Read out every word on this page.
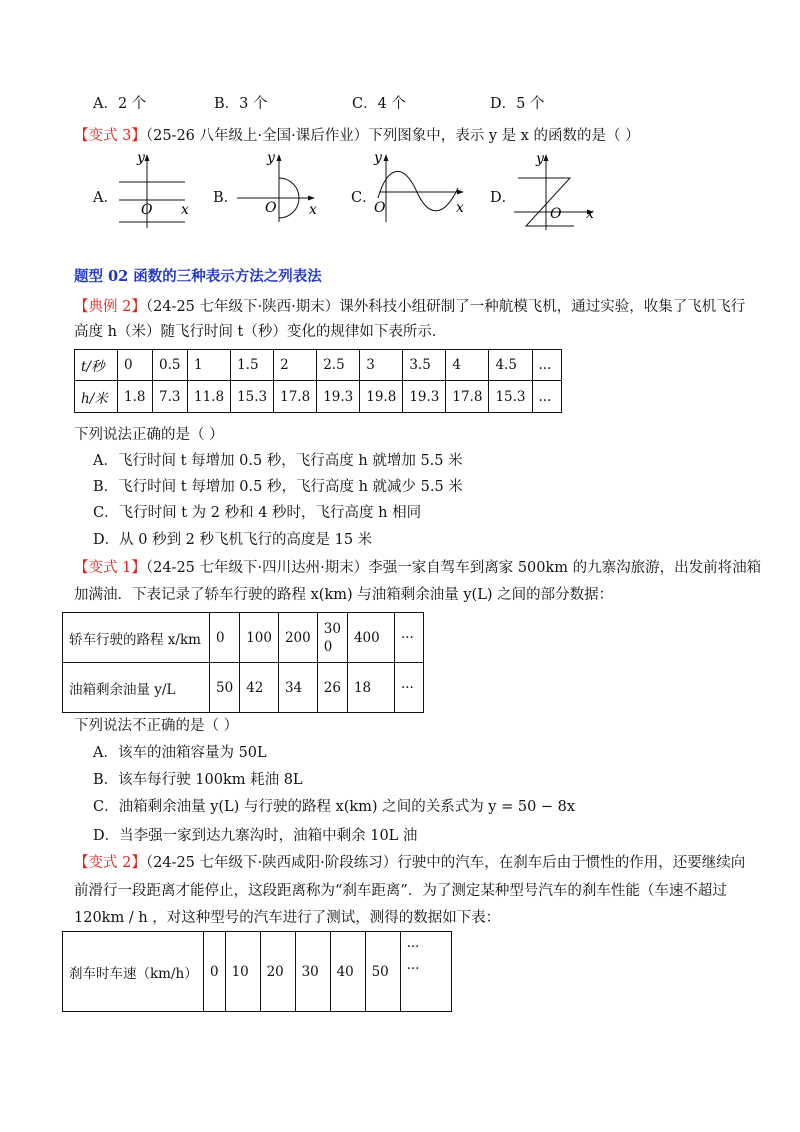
A．2 个	B．3 个	C．4 个	D．5 个
【变式 3】（25-26 八年级上·全国·课后作业）下列图象中，表示 y 是 x 的函数的是（ ）
A．
y
O x
B．
y
O x
C．
y
O	x
D．
y
O x
题型 02 函数的三种表示方法之列表法
【典例 2】（24-25 七年级下·陕西·期末）课外科技小组研制了一种航模飞机，通过实验，收集了飞机飞行
高度 h（米）随飞行时间 t（秒）变化的规律如下表所示．
t/秒	0	0.5	1	1.5	2	2.5	3	3.5	4	4.5	...
h/米	1.8	7.3	11.8	15.3	17.8	19.3	19.8	19.3	17.8	15.3	...
下列说法正确的是（ ）
A．飞行时间 t 每增加 0.5 秒，飞行高度 h 就增加 5.5 米
B．飞行时间 t 每增加 0.5 秒，飞行高度 h 就减少 5.5 米
C．飞行时间 t 为 2 秒和 4 秒时，飞行高度 h 相同
D．从 0 秒到 2 秒飞机飞行的高度是 15 米
【变式 1】（24-25 七年级下·四川达州·期末）李强一家自驾车到离家 500km 的九寨沟旅游，出发前将油箱
加满油．下表记录了轿车行驶的路程 x(km) 与油箱剩余油量 y(L) 之间的部分数据：
轿车行驶的路程 x/km	0	100	200	300	400	···
油箱剩余油量 y/L	50	42	34	26	18	···
下列说法不正确的是（ ）
A．该车的油箱容量为 50L
B．该车每行驶 100km 耗油 8L
C．油箱剩余油量 y(L) 与行驶的路程 x(km) 之间的关系式为 y = 50 − 8x
D．当李强一家到达九寨沟时，油箱中剩余 10L 油
【变式 2】（24-25 七年级下·陕西咸阳·阶段练习）行驶中的汽车，在刹车后由于惯性的作用，还要继续向
前滑行一段距离才能停止，这段距离称为“刹车距离”．为了测定某种型号汽车的刹车性能（车速不超过
120km / h ，对这种型号的汽车进行了测试，测得的数据如下表：
刹车时车速（km/h）	0	10	20	30	40	50	···
···
